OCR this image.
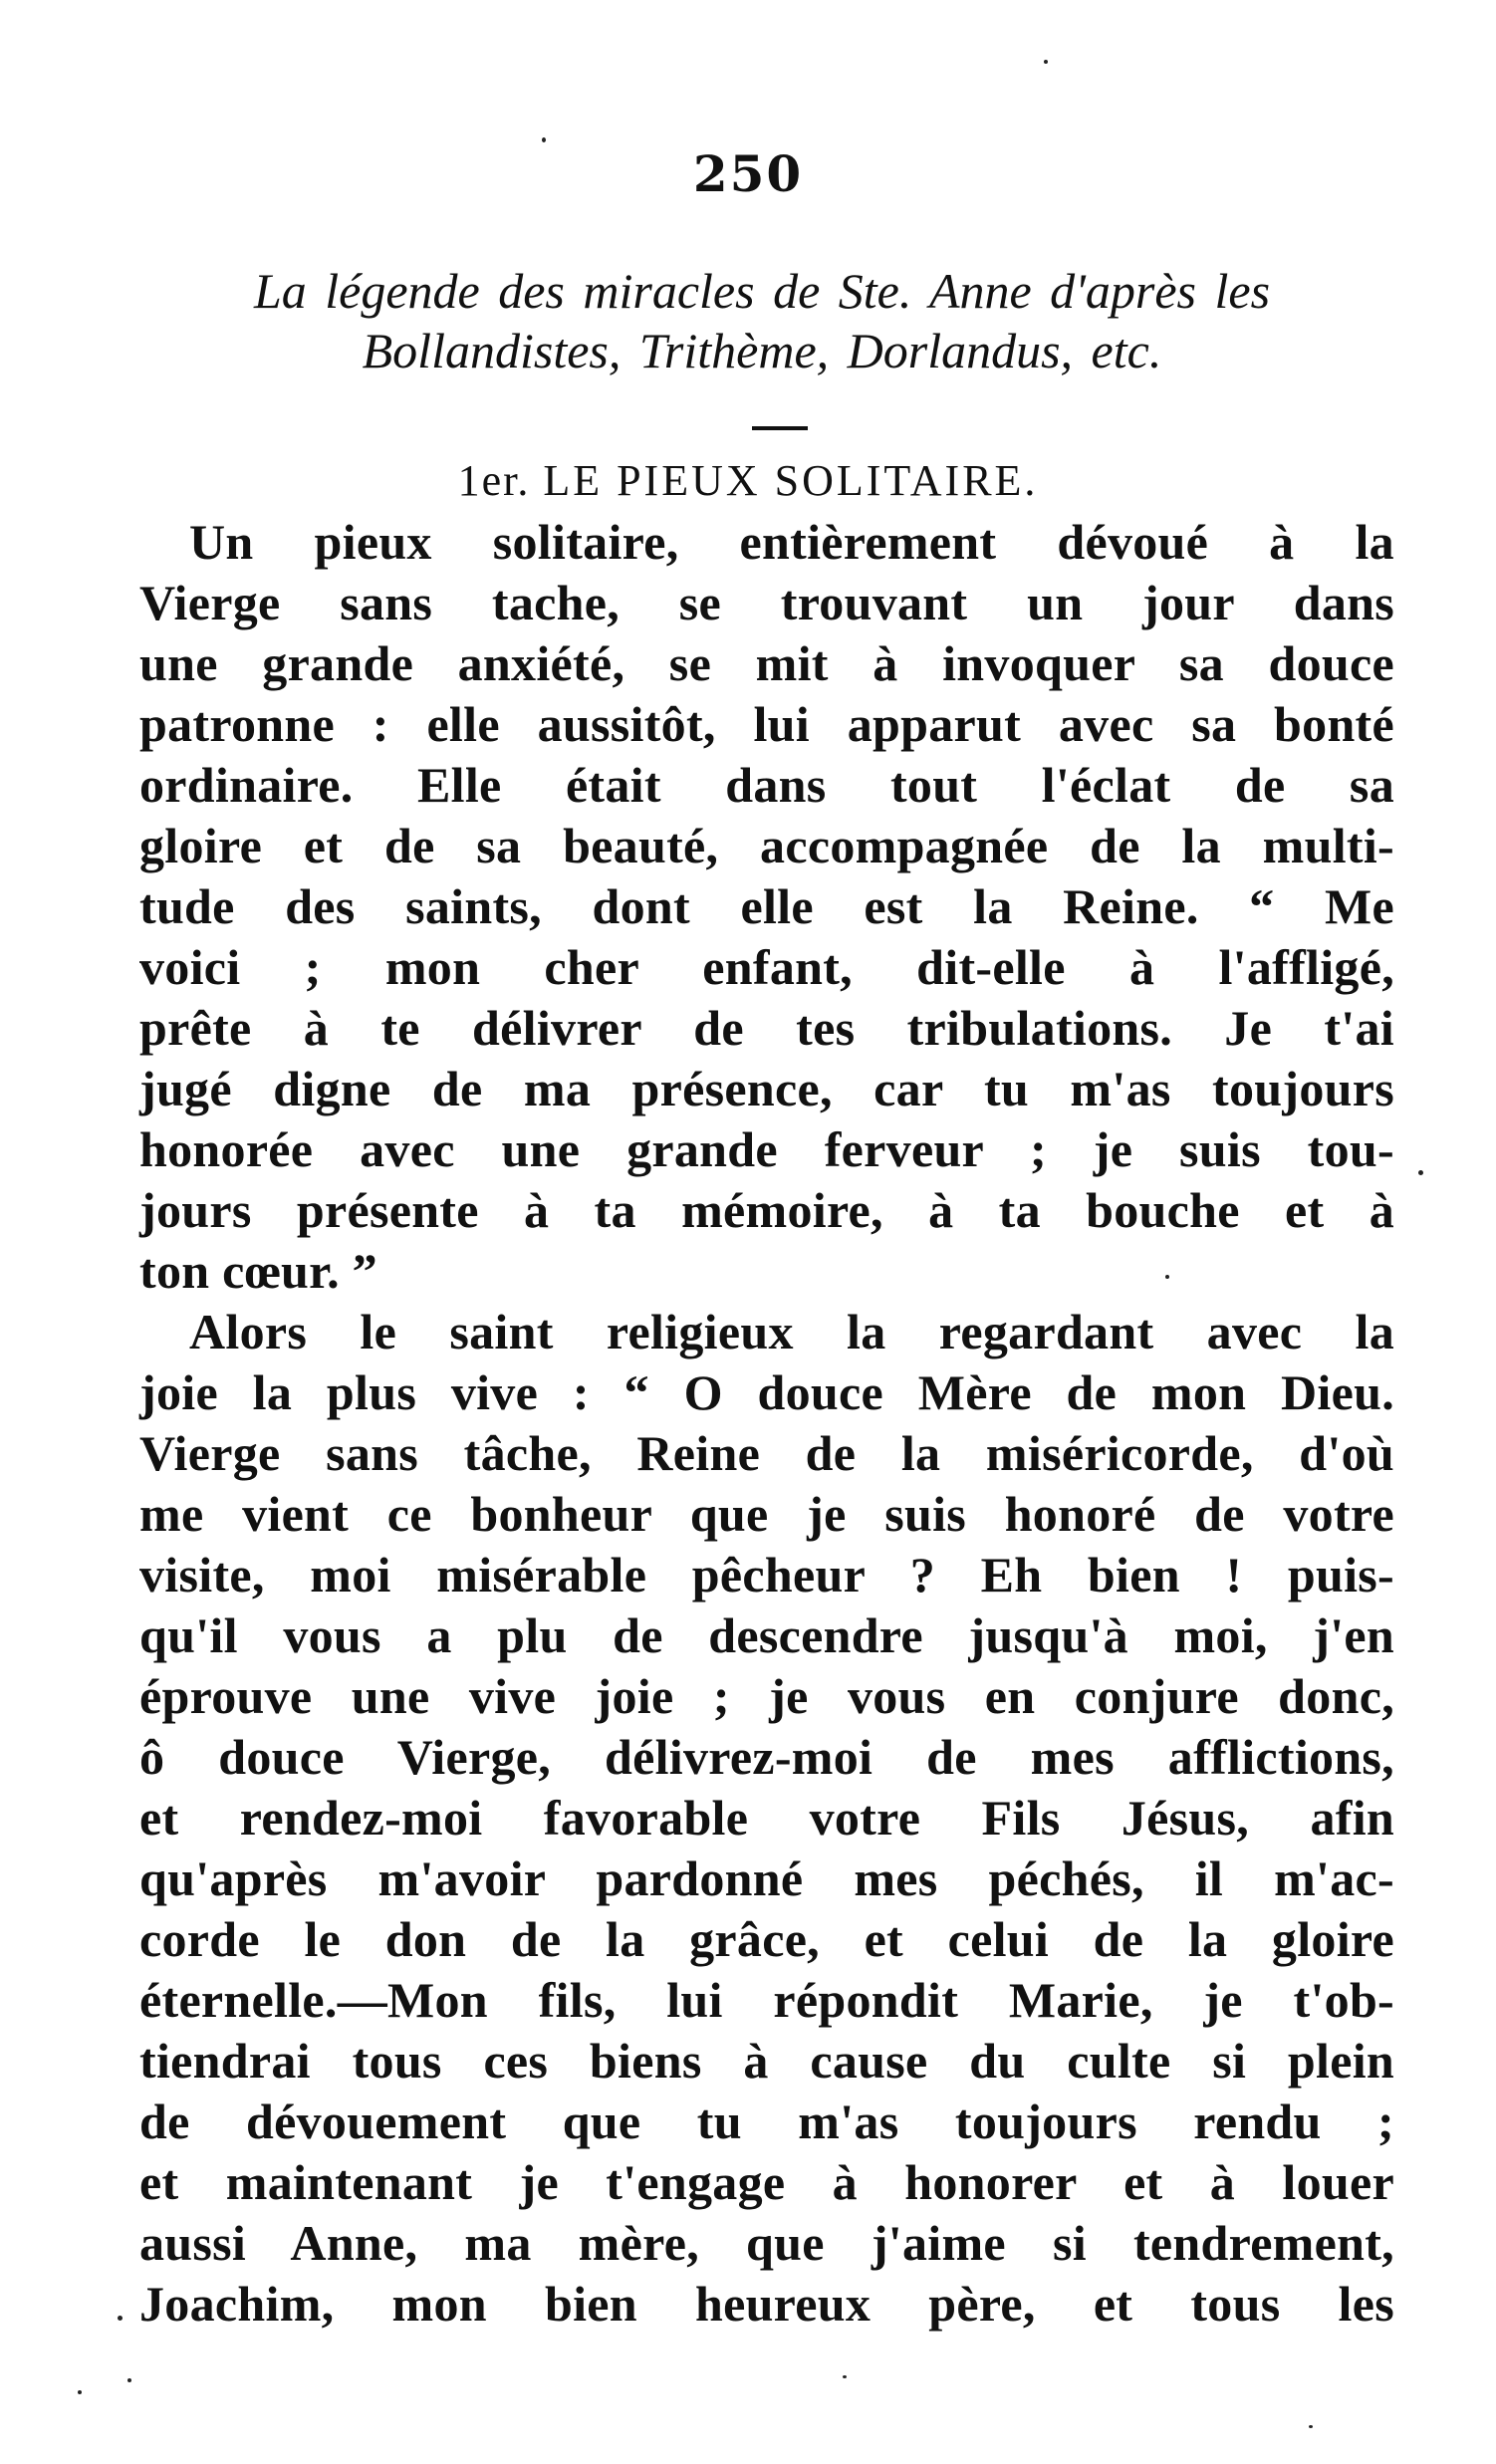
250
La légende des miracles de Ste. Anne d'après les
Bollandistes, Trithème, Dorlandus, etc.
1er. LE PIEUX SOLITAIRE.
Un pieux solitaire, entièrement dévoué à la
Vierge sans tache, se trouvant un jour dans
une grande anxiété, se mit à invoquer sa douce
patronne : elle aussitôt, lui apparut avec sa bonté
ordinaire. Elle était dans tout l'éclat de sa
gloire et de sa beauté, accompagnée de la multi-
tude des saints, dont elle est la Reine. “ Me
voici ; mon cher enfant, dit-elle à l'affligé,
prête à te délivrer de tes tribulations. Je t'ai
jugé digne de ma présence, car tu m'as toujours
honorée avec une grande ferveur ; je suis tou-
jours présente à ta mémoire, à ta bouche et à
ton cœur. ”
Alors le saint religieux la regardant avec la
joie la plus vive : “ O douce Mère de mon Dieu.
Vierge sans tâche, Reine de la miséricorde, d'où
me vient ce bonheur que je suis honoré de votre
visite, moi misérable pêcheur ? Eh bien ! puis-
qu'il vous a plu de descendre jusqu'à moi, j'en
éprouve une vive joie ; je vous en conjure donc,
ô douce Vierge, délivrez-moi de mes afflictions,
et rendez-moi favorable votre Fils Jésus, afin
qu'après m'avoir pardonné mes péchés, il m'ac-
corde le don de la grâce, et celui de la gloire
éternelle.—Mon fils, lui répondit Marie, je t'ob-
tiendrai tous ces biens à cause du culte si plein
de dévouement que tu m'as toujours rendu ;
et maintenant je t'engage à honorer et à louer
aussi Anne, ma mère, que j'aime si tendrement,
Joachim, mon bien heureux père, et tous les
